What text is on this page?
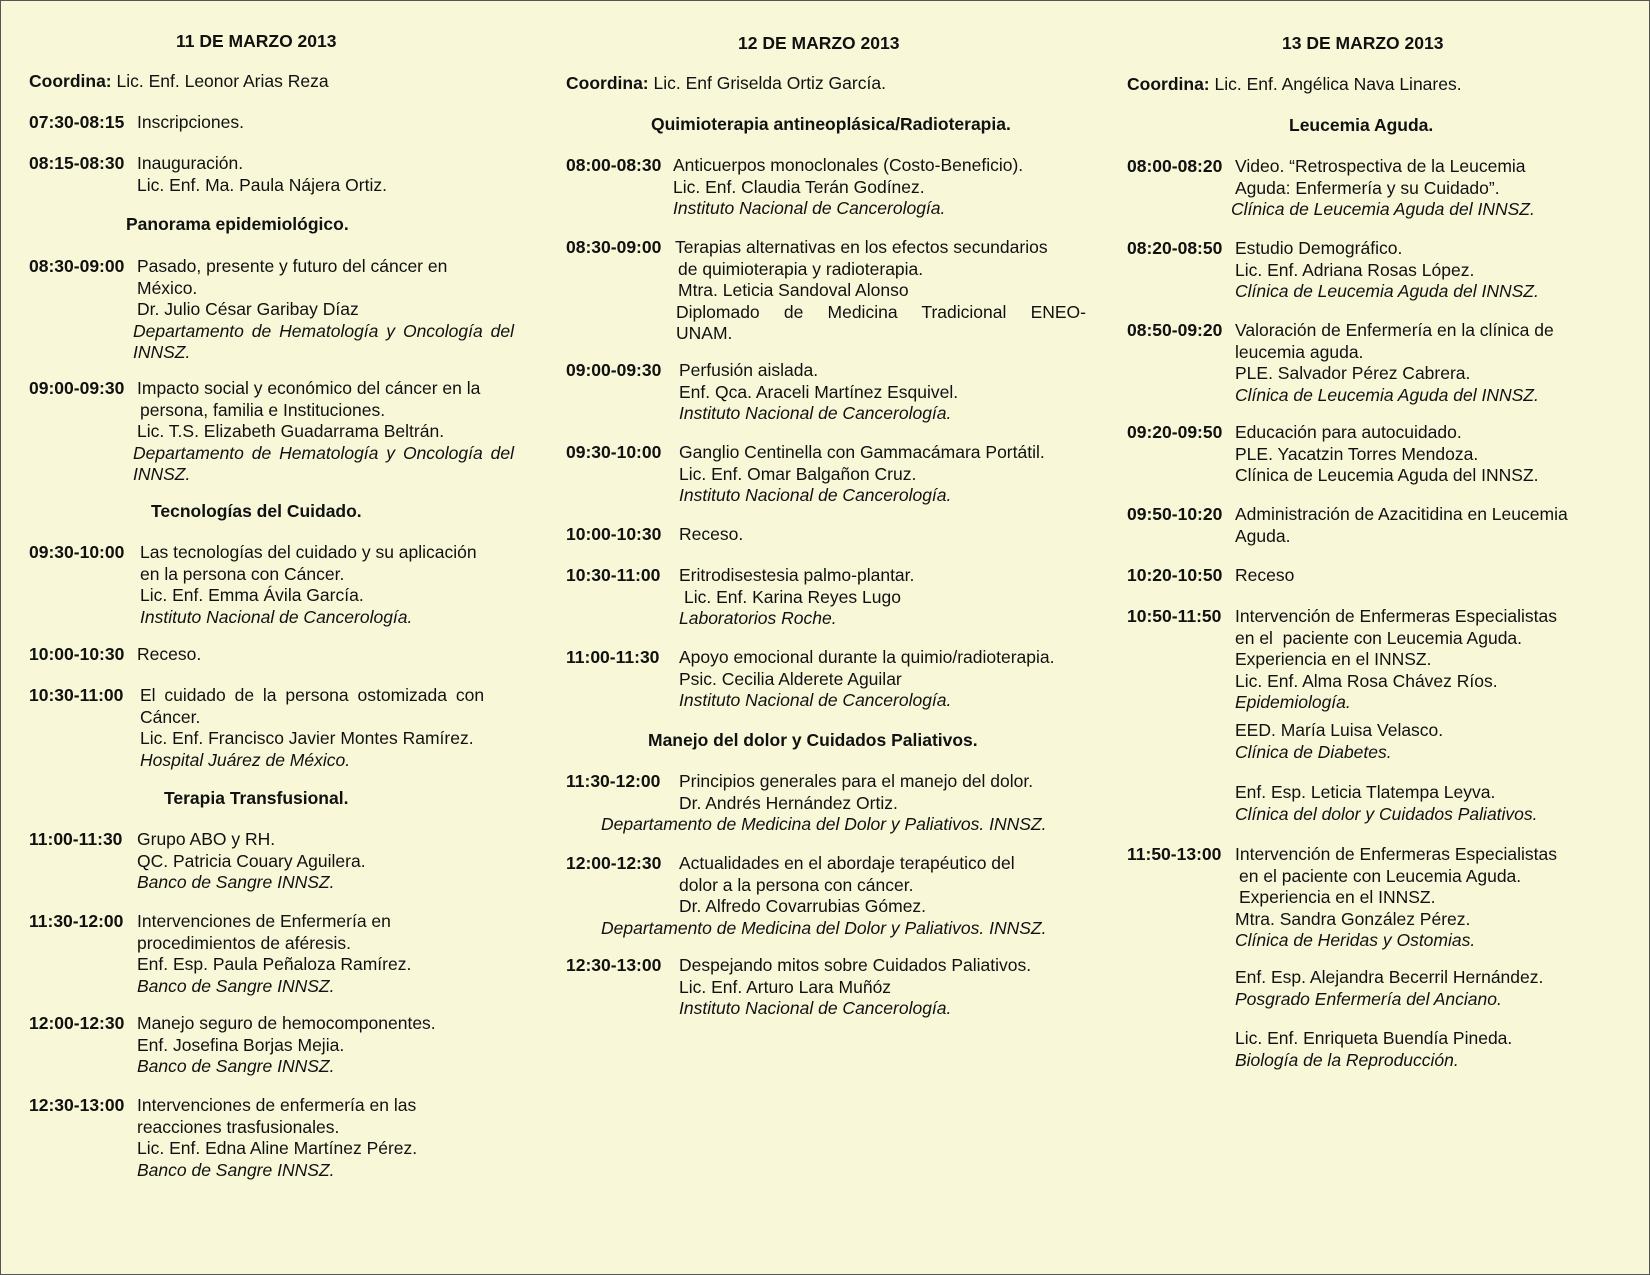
11 DE MARZO 2013
Coordina: Lic. Enf. Leonor Arias Reza
07:30-08:15 Inscripciones.
08:15-08:30 Inauguración.
Lic. Enf. Ma. Paula Nájera Ortiz.
Panorama epidemiológico.
08:30-09:00 Pasado, presente y futuro del cáncer en
México.
Dr. Julio César Garibay Díaz
Departamento de Hematología y Oncología del INNSZ.
09:00-09:30 Impacto social y económico del cáncer en la
persona, familia e Instituciones.
Lic. T.S. Elizabeth Guadarrama Beltrán.
Departamento de Hematología y Oncología del INNSZ.
Tecnologías del Cuidado.
09:30-10:00 Las tecnologías del cuidado y su aplicación
en la persona con Cáncer.
Lic. Enf. Emma Ávila García.
Instituto Nacional de Cancerología.
10:00-10:30 Receso.
10:30-11:00 El cuidado de la persona ostomizada con
Cáncer.
Lic. Enf. Francisco Javier Montes Ramírez.
Hospital Juárez de México.
Terapia Transfusional.
11:00-11:30 Grupo ABO y RH.
QC. Patricia Couary Aguilera.
Banco de Sangre INNSZ.
11:30-12:00 Intervenciones de Enfermería en
procedimientos de aféresis.
Enf. Esp. Paula Peñaloza Ramírez.
Banco de Sangre INNSZ.
12:00-12:30 Manejo seguro de hemocomponentes.
Enf. Josefina Borjas Mejia.
Banco de Sangre INNSZ.
12:30-13:00 Intervenciones de enfermería en las
reacciones trasfusionales.
Lic. Enf. Edna Aline Martínez Pérez.
Banco de Sangre INNSZ.
12 DE MARZO 2013
Coordina: Lic. Enf Griselda Ortiz García.
Quimioterapia antineoplásica/Radioterapia.
08:00-08:30 Anticuerpos monoclonales (Costo-Beneficio).
Lic. Enf. Claudia Terán Godínez.
Instituto Nacional de Cancerología.
08:30-09:00 Terapias alternativas en los efectos secundarios
de quimioterapia y radioterapia.
Mtra. Leticia Sandoval Alonso
Diplomado de Medicina Tradicional ENEO-UNAM.
09:00-09:30 Perfusión aislada.
Enf. Qca. Araceli Martínez Esquivel.
Instituto Nacional de Cancerología.
09:30-10:00 Ganglio Centinella con Gammacámara Portátil.
Lic. Enf. Omar Balgañon Cruz.
Instituto Nacional de Cancerología.
10:00-10:30 Receso.
10:30-11:00 Eritrodisestesia palmo-plantar.
Lic. Enf. Karina Reyes Lugo
Laboratorios Roche.
11:00-11:30 Apoyo emocional durante la quimio/radioterapia.
Psic. Cecilia Alderete Aguilar
Instituto Nacional de Cancerología.
Manejo del dolor y Cuidados Paliativos.
11:30-12:00 Principios generales para el manejo del dolor.
Dr. Andrés Hernández Ortiz.
Departamento de Medicina del Dolor y Paliativos. INNSZ.
12:00-12:30 Actualidades en el abordaje terapéutico del
dolor a la persona con cáncer.
Dr. Alfredo Covarrubias Gómez.
Departamento de Medicina del Dolor y Paliativos. INNSZ.
12:30-13:00 Despejando mitos sobre Cuidados Paliativos.
Lic. Enf. Arturo Lara Muñóz
Instituto Nacional de Cancerología.
13 DE MARZO 2013
Coordina: Lic. Enf. Angélica Nava Linares.
Leucemia Aguda.
08:00-08:20 Video. “Retrospectiva de la Leucemia
Aguda: Enfermería y su Cuidado”.
Clínica de Leucemia Aguda del INNSZ.
08:20-08:50 Estudio Demográfico.
Lic. Enf. Adriana Rosas López.
Clínica de Leucemia Aguda del INNSZ.
08:50-09:20 Valoración de Enfermería en la clínica de
leucemia aguda.
PLE. Salvador Pérez Cabrera.
Clínica de Leucemia Aguda del INNSZ.
09:20-09:50 Educación para autocuidado.
PLE. Yacatzin Torres Mendoza.
Clínica de Leucemia Aguda del INNSZ.
09:50-10:20 Administración de Azacitidina en Leucemia
Aguda.
10:20-10:50 Receso
10:50-11:50 Intervención de Enfermeras Especialistas
en el  paciente con Leucemia Aguda.
Experiencia en el INNSZ.
Lic. Enf. Alma Rosa Chávez Ríos.
Epidemiología.
EED. María Luisa Velasco.
Clínica de Diabetes.
Enf. Esp. Leticia Tlatempa Leyva.
Clínica del dolor y Cuidados Paliativos.
11:50-13:00 Intervención de Enfermeras Especialistas
en el paciente con Leucemia Aguda.
Experiencia en el INNSZ.
Mtra. Sandra González Pérez.
Clínica de Heridas y Ostomias.
Enf. Esp. Alejandra Becerril Hernández.
Posgrado Enfermería del Anciano.
Lic. Enf. Enriqueta Buendía Pineda.
Biología de la Reproducción.
